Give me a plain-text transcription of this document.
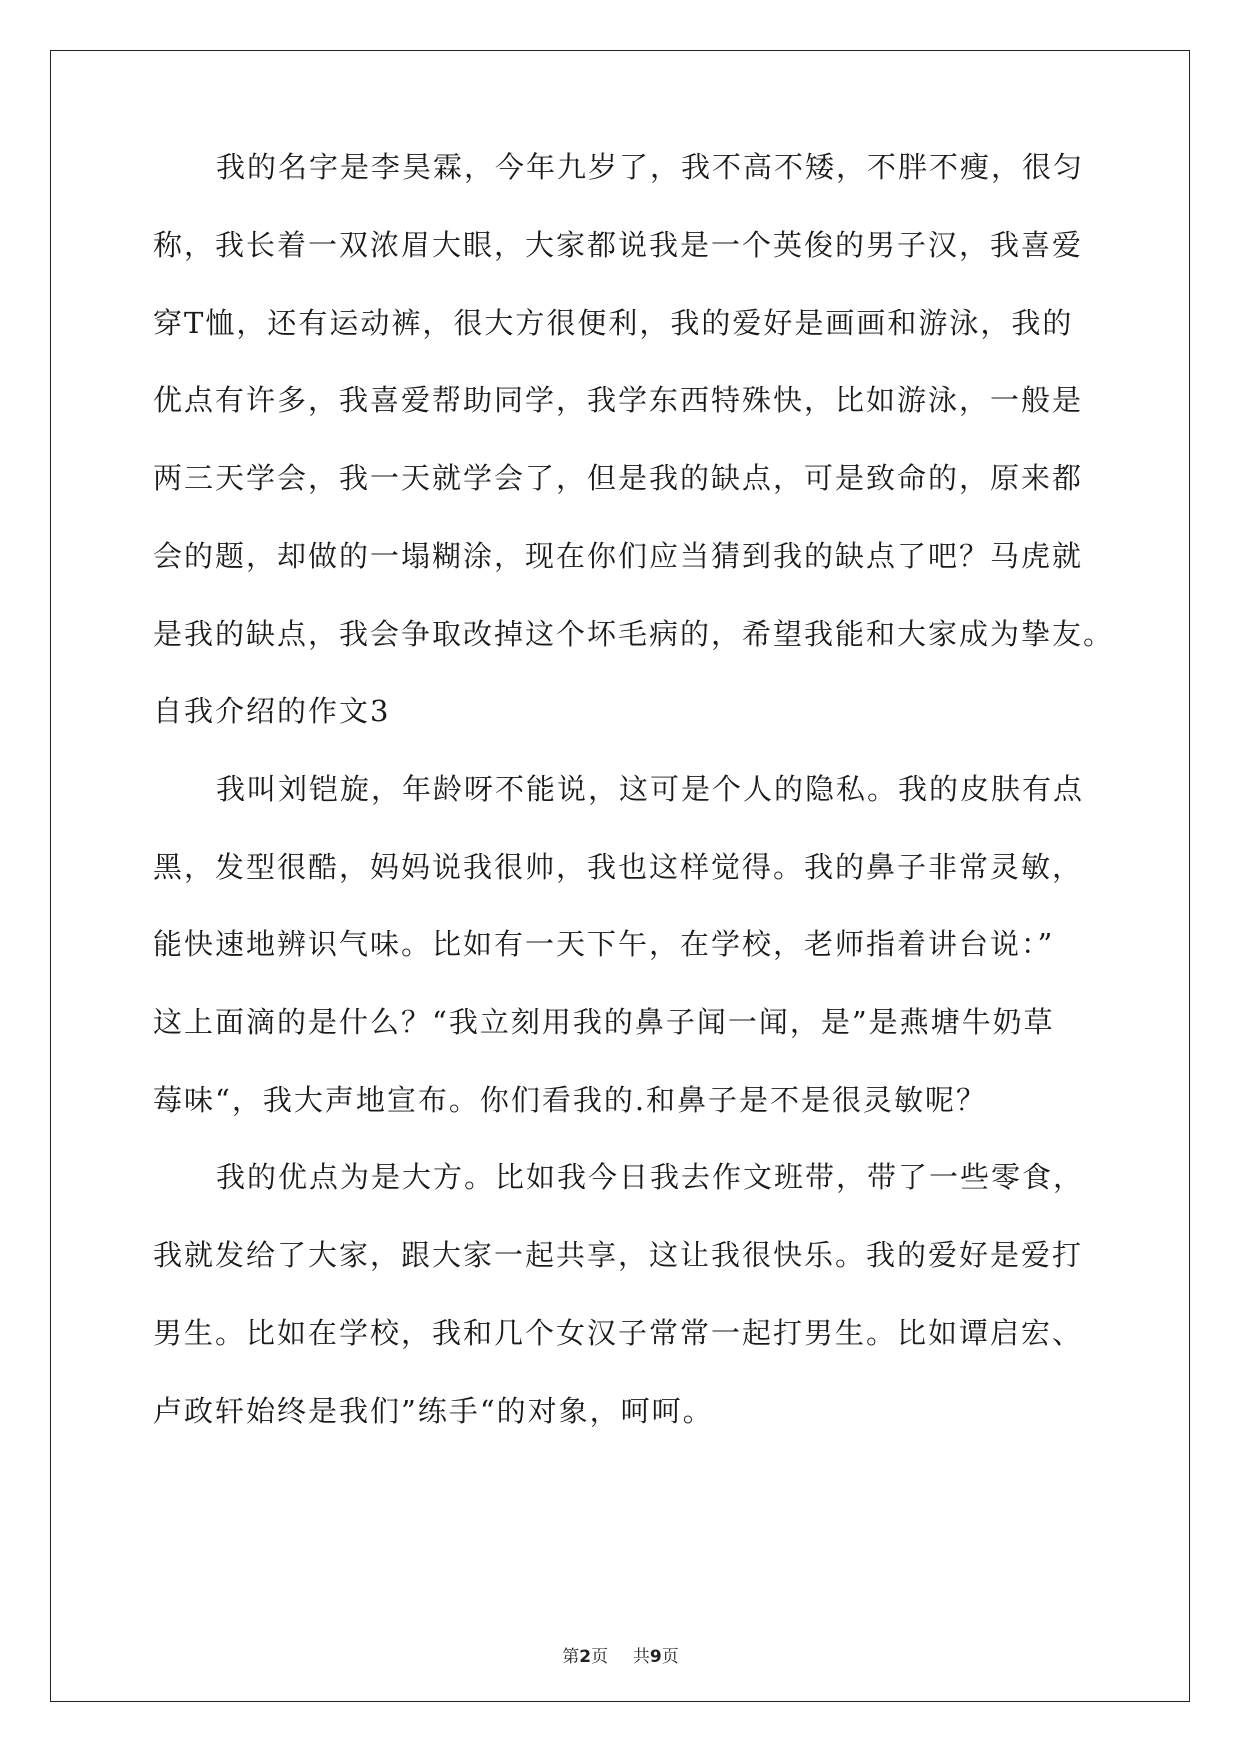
我的名字是李昊霖，今年九岁了，我不高不矮，不胖不瘦，很匀
称，我长着一双浓眉大眼，大家都说我是一个英俊的男子汉，我喜爱
穿T恤，还有运动裤，很大方很便利，我的爱好是画画和游泳，我的
优点有许多，我喜爱帮助同学，我学东西特殊快，比如游泳，一般是
两三天学会，我一天就学会了，但是我的缺点，可是致命的，原来都
会的题，却做的一塌糊涂，现在你们应当猜到我的缺点了吧？马虎就
是我的缺点，我会争取改掉这个坏毛病的，希望我能和大家成为挚友。
自我介绍的作文3
我叫刘铠旋，年龄呀不能说，这可是个人的隐私。我的皮肤有点
黑，发型很酷，妈妈说我很帅，我也这样觉得。我的鼻子非常灵敏，
能快速地辨识气味。比如有一天下午，在学校，老师指着讲台说：”
这上面滴的是什么？“我立刻用我的鼻子闻一闻，是”是燕塘牛奶草
莓味“，我大声地宣布。你们看我的.和鼻子是不是很灵敏呢？
我的优点为是大方。比如我今日我去作文班带，带了一些零食，
我就发给了大家，跟大家一起共享，这让我很快乐。我的爱好是爱打
男生。比如在学校，我和几个女汉子常常一起打男生。比如谭启宏、
卢政轩始终是我们”练手“的对象，呵呵。
第2页 共9页
